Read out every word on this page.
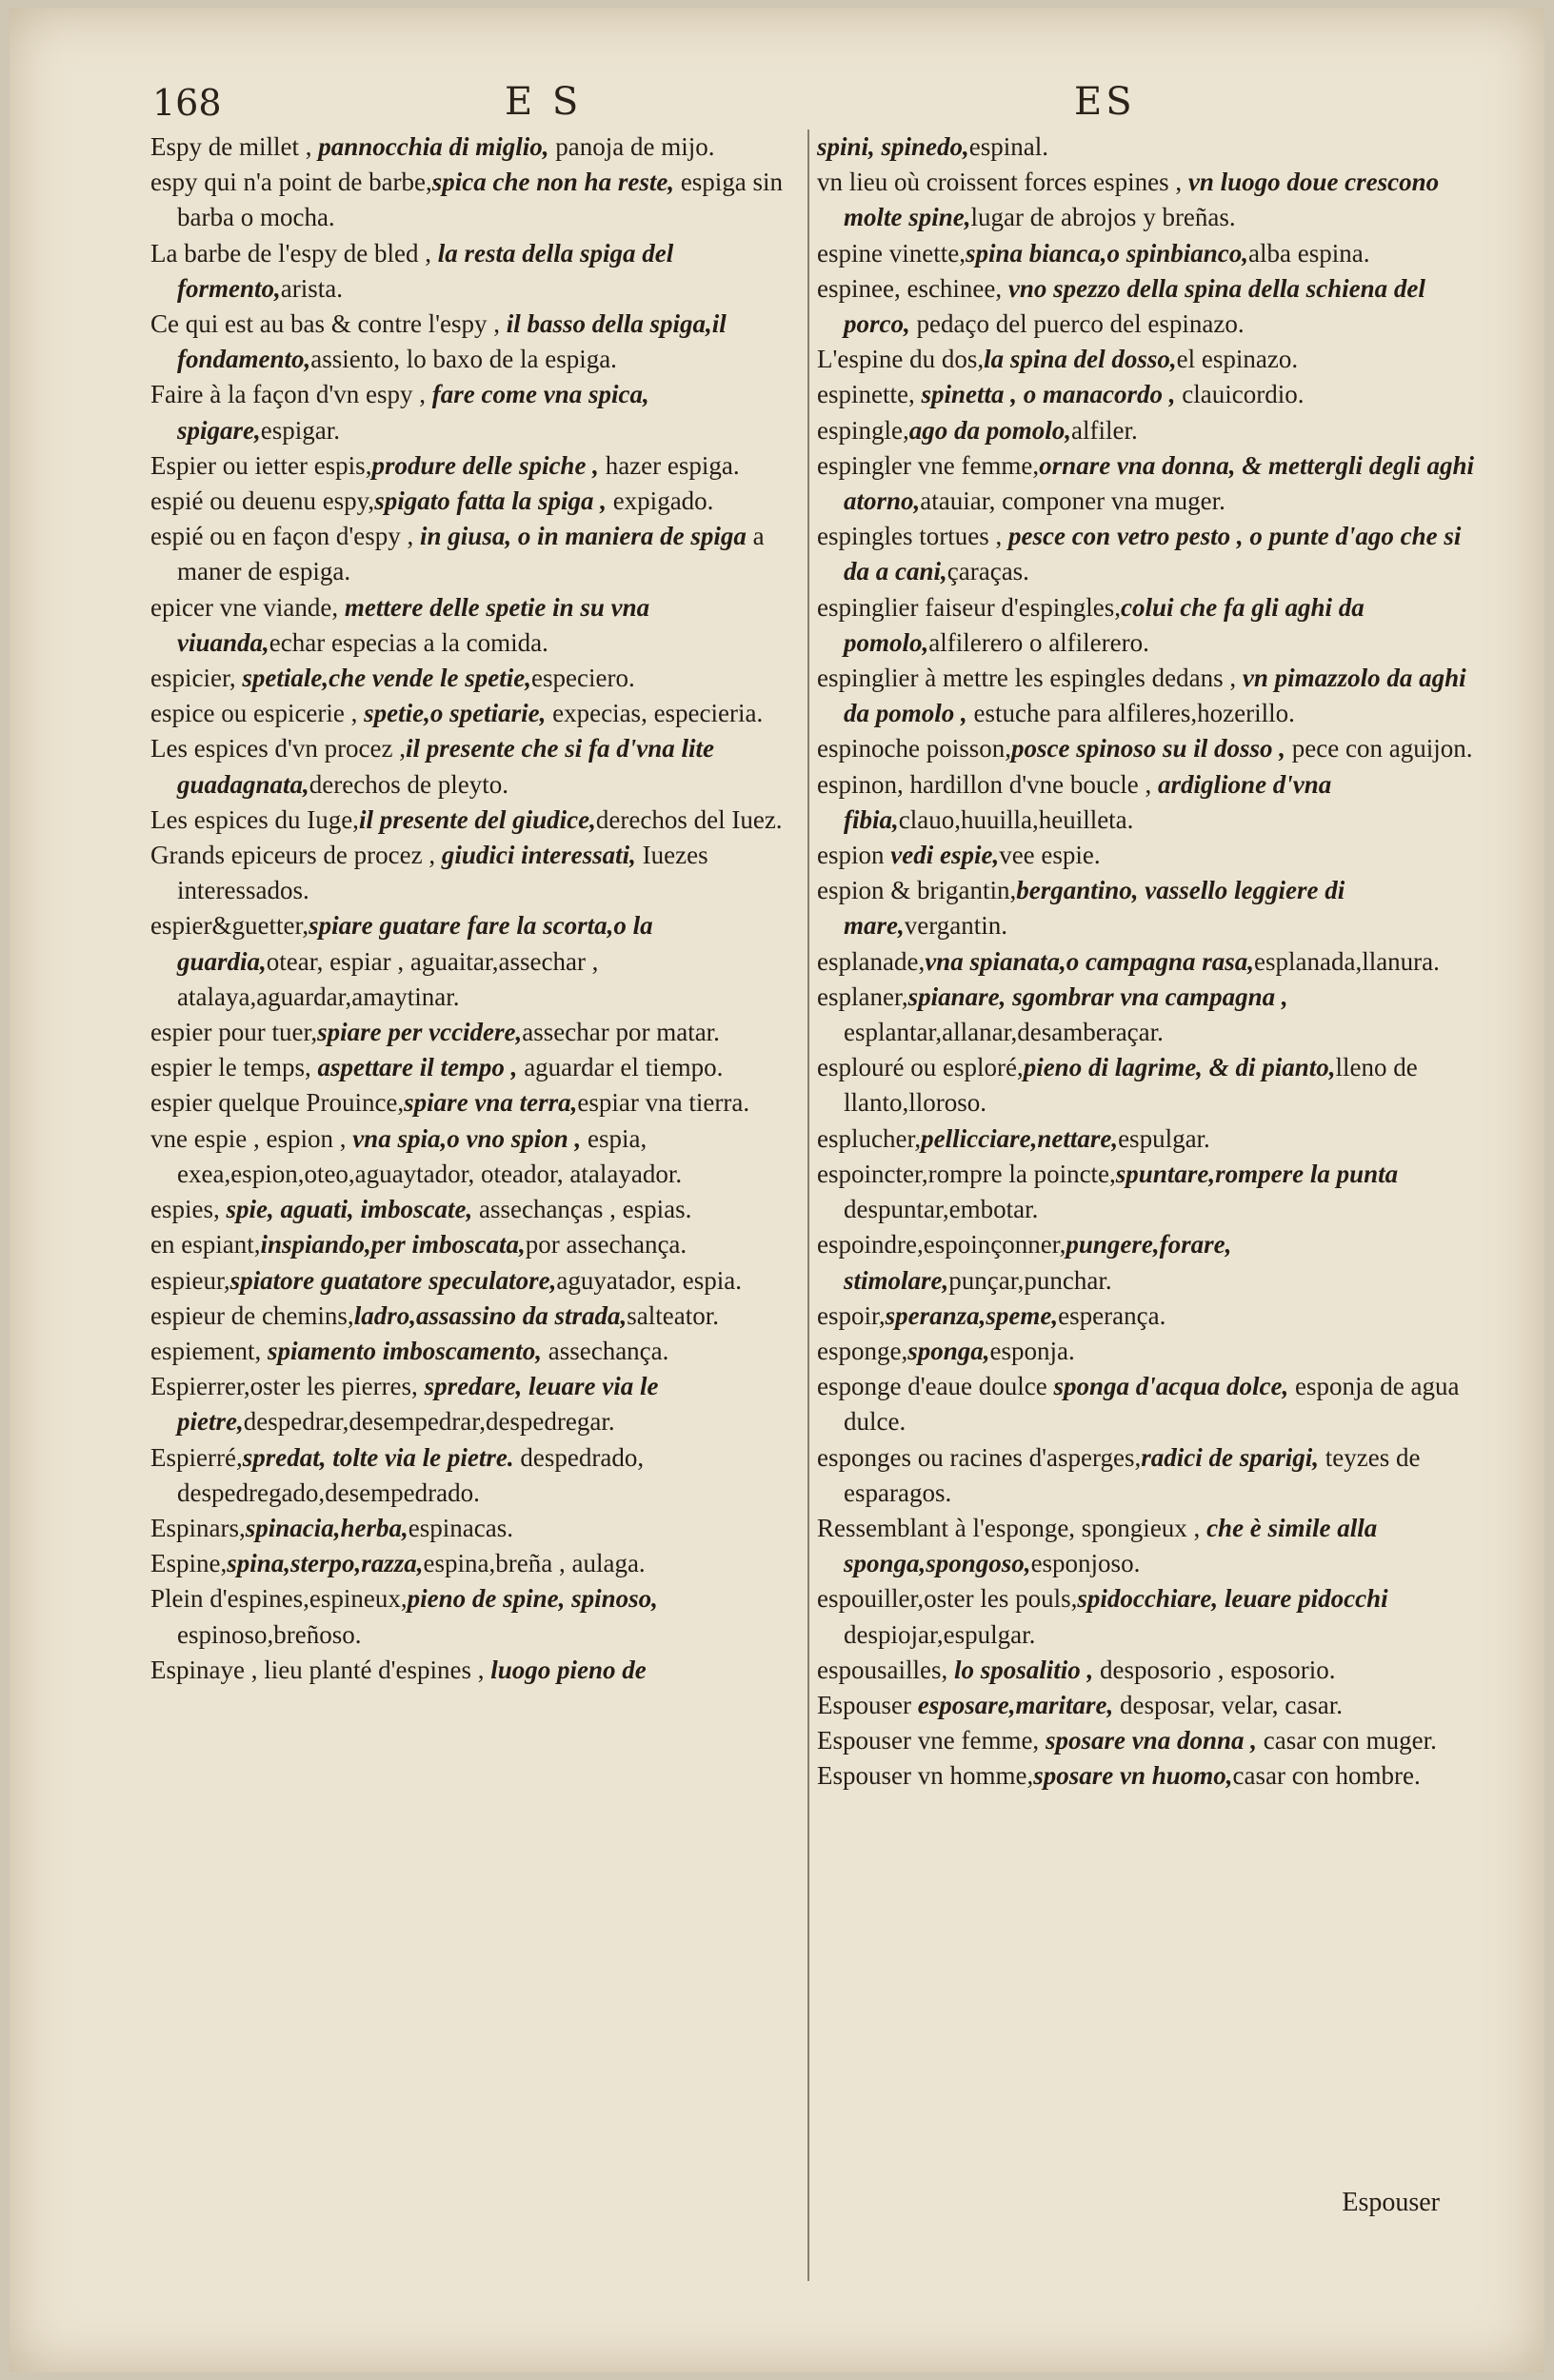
168	E S	ES

Espy de millet , pannocchia di miglio, panoja de mijo.

espy qui n'a point de barbe,spica che non ha reste, espiga sin barba o mocha.

La barbe de l'espy de bled , la resta della spiga del formento,arista.

Ce qui est au bas & contre l'espy , il basso della spiga,il fondamento,assiento, lo baxo de la espiga.

Faire à la façon d'vn espy , fare come vna spica, spigare,espigar.

Espier ou ietter espis,produre delle spiche , hazer espiga.

espié ou deuenu espy,spigato fatta la spiga , expigado.

espié ou en façon d'espy , in giusa, o in maniera de spiga a maner de espiga.

epicer vne viande, mettere delle spetie in su vna viuanda,echar especias a la comida.

espicier, spetiale,che vende le spetie,especiero.

espice ou espicerie , spetie,o spetiarie, expecias, especieria.

Les espices d'vn procez ,il presente che si fa d'vna lite guadagnata,derechos de pleyto.

Les espices du Iuge,il presente del giudice,derechos del Iuez.

Grands epiceurs de procez , giudici interessati, Iuezes interessados.

espier&guetter,spiare guatare fare la scorta,o la guardia,otear, espiar , aguaitar,assechar , atalaya,aguardar,amaytinar.

espier pour tuer,spiare per vccidere,assechar por matar.

espier le temps, aspettare il tempo , aguardar el tiempo.

espier quelque Prouince,spiare vna terra,espiar vna tierra.

vne espie , espion , vna spia,o vno spion , espia, exea,espion,oteo,aguaytador, oteador, atalayador.

espies, spie, aguati, imboscate, assechanças , espias.

en espiant,inspiando,per imboscata,por assechança.

espieur,spiatore guatatore speculatore,aguyatador, espia.

espieur de chemins,ladro,assassino da strada,salteator.

espiement, spiamento imboscamento, assechança.

Espierrer,oster les pierres, spredare, leuare via le pietre,despedrar,desempedrar,despedregar.

Espierré,spredat, tolte via le pietre. despedrado, despedregado,desempedrado.

Espinars,spinacia,herba,espinacas.

Espine,spina,sterpo,razza,espina,breña , aulaga.

Plein d'espines,espineux,pieno de spine, spinoso, espinoso,breñoso.

Espinaye , lieu planté d'espines , luogo pieno de

spini, spinedo,espinal.

vn lieu où croissent forces espines , vn luogo doue crescono molte spine,lugar de abrojos y breñas.

espine vinette,spina bianca,o spinbianco,alba espina.

espinee, eschinee, vno spezzo della spina della schiena del porco, pedaço del puerco del espinazo.

L'espine du dos,la spina del dosso,el espinazo.

espinette, spinetta , o manacordo , clauicordio.

espingle,ago da pomolo,alfiler.

espingler vne femme,ornare vna donna, & mettergli degli aghi atorno,atauiar, componer vna muger.

espingles tortues , pesce con vetro pesto , o punte d'ago che si da a cani,çaraças.

espinglier faiseur d'espingles,colui che fa gli aghi da pomolo,alfilerero o alfilerero.

espinglier à mettre les espingles dedans , vn pimazzolo da aghi da pomolo , estuche para alfileres,hozerillo.

espinoche poisson,posce spinoso su il dosso , pece con aguijon.

espinon, hardillon d'vne boucle , ardiglione d'vna fibia,clauo,huuilla,heuilleta.

espion vedi espie,vee espie.

espion & brigantin,bergantino, vassello leggiere di mare,vergantin.

esplanade,vna spianata,o campagna rasa,esplanada,llanura.

esplaner,spianare, sgombrar vna campagna , esplantar,allanar,desamberaçar.

esplouré ou esploré,pieno di lagrime, & di pianto,lleno de llanto,lloroso.

esplucher,pellicciare,nettare,espulgar.

espoincter,rompre la poincte,spuntare,rompere la punta despuntar,embotar.

espoindre,espoinçonner,pungere,forare, stimolare,punçar,punchar.

espoir,speranza,speme,esperança.

esponge,sponga,esponja.

esponge d'eaue doulce sponga d'acqua dolce, esponja de agua dulce.

esponges ou racines d'asperges,radici de sparigi, teyzes de esparagos.

Ressemblant à l'esponge, spongieux , che è simile alla sponga,spongoso,esponjoso.

espouiller,oster les pouls,spidocchiare, leuare pidocchi despiojar,espulgar.

espousailles, lo sposalitio , desposorio , esposorio.

Espouser esposare,maritare, desposar, velar, casar.

Espouser vne femme, sposare vna donna , casar con muger.

Espouser vn homme,sposare vn huomo,casar con hombre.

Espouser
